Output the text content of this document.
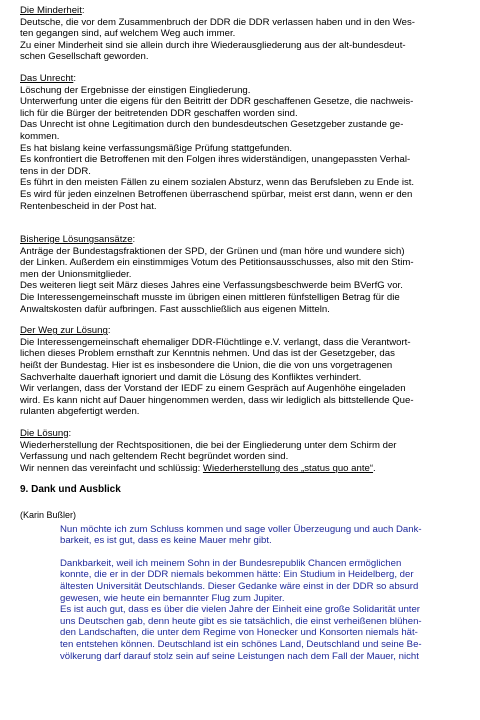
Die Minderheit:
Deutsche, die vor dem Zusammenbruch der DDR die DDR verlassen haben und in den Wes-
ten gegangen sind, auf welchem Weg auch immer.
Zu einer Minderheit sind sie allein durch ihre Wiederausgliederung aus der alt-bundesdeut-
schen Gesellschaft geworden.
Das Unrecht:
Löschung der Ergebnisse der einstigen Eingliederung.
Unterwerfung unter die eigens für den Beitritt der DDR geschaffenen Gesetze, die nachweis-
lich für die Bürger der beitretenden DDR geschaffen worden sind.
Das Unrecht ist ohne Legitimation durch den bundesdeutschen Gesetzgeber zustande ge-
kommen.
Es hat bislang keine verfassungsmäßige Prüfung stattgefunden.
Es konfrontiert die Betroffenen mit den Folgen ihres widerständigen, unangepassten Verhal-
tens in der DDR.
Es führt in den meisten Fällen zu einem sozialen Absturz, wenn das Berufsleben zu Ende ist.
Es wird für jeden einzelnen Betroffenen überraschend spürbar, meist erst dann, wenn er den
Rentenbescheid in der Post hat.
Bisherige Lösungsansätze:
Anträge der Bundestagsfraktionen der SPD, der Grünen und (man höre und wundere sich)
der Linken. Außerdem ein einstimmiges Votum des Petitionsausschusses, also mit den Stim-
men der Unionsmitglieder.
Des weiteren liegt seit März dieses Jahres eine Verfassungsbeschwerde beim BVerfG vor.
Die Interessengemeinschaft musste im übrigen einen mittleren fünfstelligen Betrag für die
Anwaltskosten dafür aufbringen. Fast ausschließlich aus eigenen Mitteln.
Der Weg zur Lösung:
Die Interessengemeinschaft ehemaliger DDR-Flüchtlinge e.V. verlangt, dass die Verantwort-
lichen dieses Problem ernsthaft zur Kenntnis nehmen. Und das ist der Gesetzgeber, das
heißt der Bundestag. Hier ist es insbesondere die Union, die die von uns vorgetragenen
Sachverhalte dauerhaft ignoriert und damit die Lösung des Konfliktes verhindert.
Wir verlangen, dass der Vorstand der IEDF zu einem Gespräch auf Augenhöhe eingeladen
wird. Es kann nicht auf Dauer hingenommen werden, dass wir lediglich als bittstellende Que-
rulanten abgefertigt werden.
Die Lösung:
Wiederherstellung der Rechtspositionen, die bei der Eingliederung unter dem Schirm der
Verfassung und nach geltendem Recht begründet worden sind.
Wir nennen das vereinfacht und schlüssig: Wiederherstellung des „status quo ante“.
9. Dank und Ausblick
(Karin Bußler)
Nun möchte ich zum Schluss kommen und sage voller Überzeugung und auch Dank-
barkeit, es ist gut, dass es keine Mauer mehr gibt.
Dankbarkeit, weil ich meinem Sohn in der Bundesrepublik Chancen ermöglichen
konnte, die er in der DDR niemals bekommen hätte: Ein Studium in Heidelberg, der
ältesten Universität Deutschlands. Dieser Gedanke wäre einst in der DDR so absurd
gewesen, wie heute ein bemannter Flug zum Jupiter.
Es ist auch gut, dass es über die vielen Jahre der Einheit eine große Solidarität unter
uns Deutschen gab, denn heute gibt es sie tatsächlich, die einst verheißenen blühen-
den Landschaften, die unter dem Regime von Honecker und Konsorten niemals hät-
ten entstehen können. Deutschland ist ein schönes Land, Deutschland und seine Be-
völkerung darf darauf stolz sein auf seine Leistungen nach dem Fall der Mauer, nicht
